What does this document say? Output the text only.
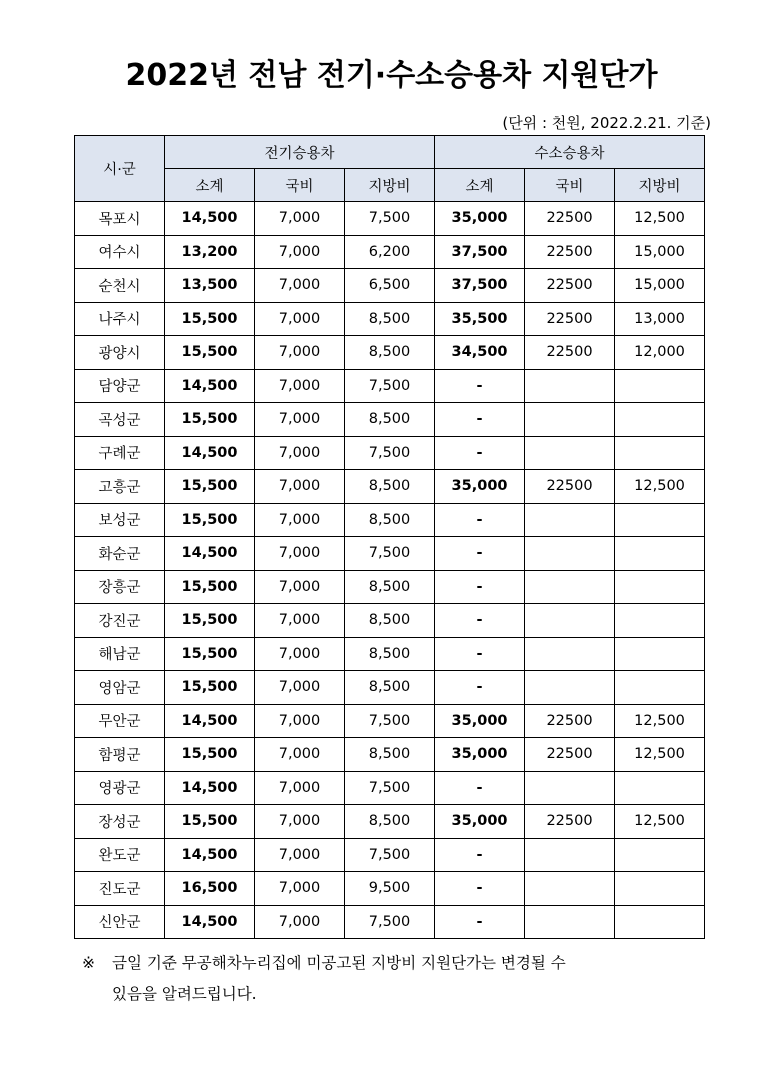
2022년 전남 전기·수소승용차 지원단가
(단위 : 천원, 2022.2.21. 기준)
시·군	전기승용차			수소승용차		
	소계	국비	지방비	소계	국비	지방비
목포시	14,500	7,000	7,500	35,000	22500	12,500
여수시	13,200	7,000	6,200	37,500	22500	15,000
순천시	13,500	7,000	6,500	37,500	22500	15,000
나주시	15,500	7,000	8,500	35,500	22500	13,000
광양시	15,500	7,000	8,500	34,500	22500	12,000
담양군	14,500	7,000	7,500	-		
곡성군	15,500	7,000	8,500	-		
구례군	14,500	7,000	7,500	-		
고흥군	15,500	7,000	8,500	35,000	22500	12,500
보성군	15,500	7,000	8,500	-		
화순군	14,500	7,000	7,500	-		
장흥군	15,500	7,000	8,500	-		
강진군	15,500	7,000	8,500	-		
해남군	15,500	7,000	8,500	-		
영암군	15,500	7,000	8,500	-		
무안군	14,500	7,000	7,500	35,000	22500	12,500
함평군	15,500	7,000	8,500	35,000	22500	12,500
영광군	14,500	7,000	7,500	-		
장성군	15,500	7,000	8,500	35,000	22500	12,500
완도군	14,500	7,000	7,500	-		
진도군	16,500	7,000	9,500	-		
신안군	14,500	7,000	7,500	-		
※ 금일 기준 무공해차누리집에 미공고된 지방비 지원단가는 변경될 수
있음을 알려드립니다.
